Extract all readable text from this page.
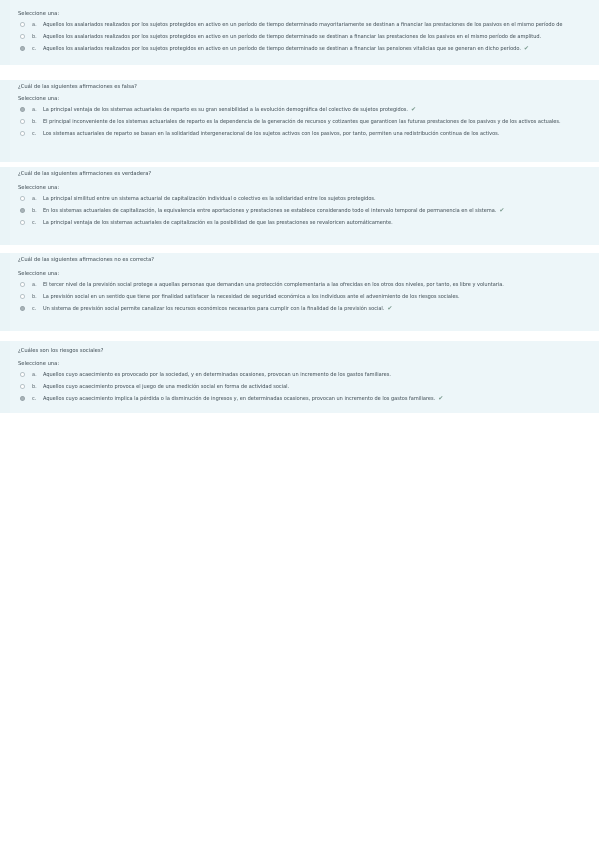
Seleccione una:
a. Aquellos los asalariados realizados por los sujetos protegidos en activo en un período de tiempo determinado mayoritariamente se destinan a financiar las prestaciones de los pasivos en el mismo período de
b. Aquellos los asalariados realizados por los sujetos protegidos en activo en un período de tiempo determinado se destinan a financiar las prestaciones de los pasivos en el mismo período de amplitud.
c. Aquellos los asalariados realizados por los sujetos protegidos en activo en un período de tiempo determinado se destinan a financiar las pensiones vitalicias que se generan en dicho período. ✔
¿Cuál de las siguientes afirmaciones es falsa?
Seleccione una:
a. La principal ventaja de los sistemas actuariales de reparto es su gran sensibilidad a la evolución demográfica del colectivo de sujetos protegidos. ✔
b. El principal inconveniente de los sistemas actuariales de reparto es la dependencia de la generación de recursos y cotizantes que garanticen las futuras prestaciones de los pasivos y de los activos actuales.
c. Los sistemas actuariales de reparto se basan en la solidaridad intergeneracional de los sujetos activos con los pasivos, por tanto, permiten una redistribución continua de los activos.
¿Cuál de las siguientes afirmaciones es verdadera?
Seleccione una:
a. La principal similitud entre un sistema actuarial de capitalización individual o colectivo es la solidaridad entre los sujetos protegidos.
b. En los sistemas actuariales de capitalización, la equivalencia entre aportaciones y prestaciones se establece considerando todo el intervalo temporal de permanencia en el sistema. ✔
c. La principal ventaja de los sistemas actuariales de capitalización es la posibilidad de que las prestaciones se revaloricen automáticamente.
¿Cuál de las siguientes afirmaciones no es correcta?
Seleccione una:
a. El tercer nivel de la previsión social protege a aquellas personas que demandan una protección complementaria a las ofrecidas en los otros dos niveles, por tanto, es libre y voluntaria.
b. La previsión social en un sentido que tiene por finalidad satisfacer la necesidad de seguridad económica a los individuos ante el advenimiento de los riesgos sociales.
c. Un sistema de previsión social permite canalizar los recursos económicos necesarios para cumplir con la finalidad de la previsión social. ✔
¿Cuáles son los riesgos sociales?
Seleccione una:
a. Aquellos cuyo acaecimiento es provocado por la sociedad, y en determinadas ocasiones, provocan un incremento de los gastos familiares.
b. Aquellos cuyo acaecimiento provoca el juego de una medición social en forma de actividad social.
c. Aquellos cuyo acaecimiento implica la pérdida o la disminución de ingresos y, en determinadas ocasiones, provocan un incremento de los gastos familiares. ✔
